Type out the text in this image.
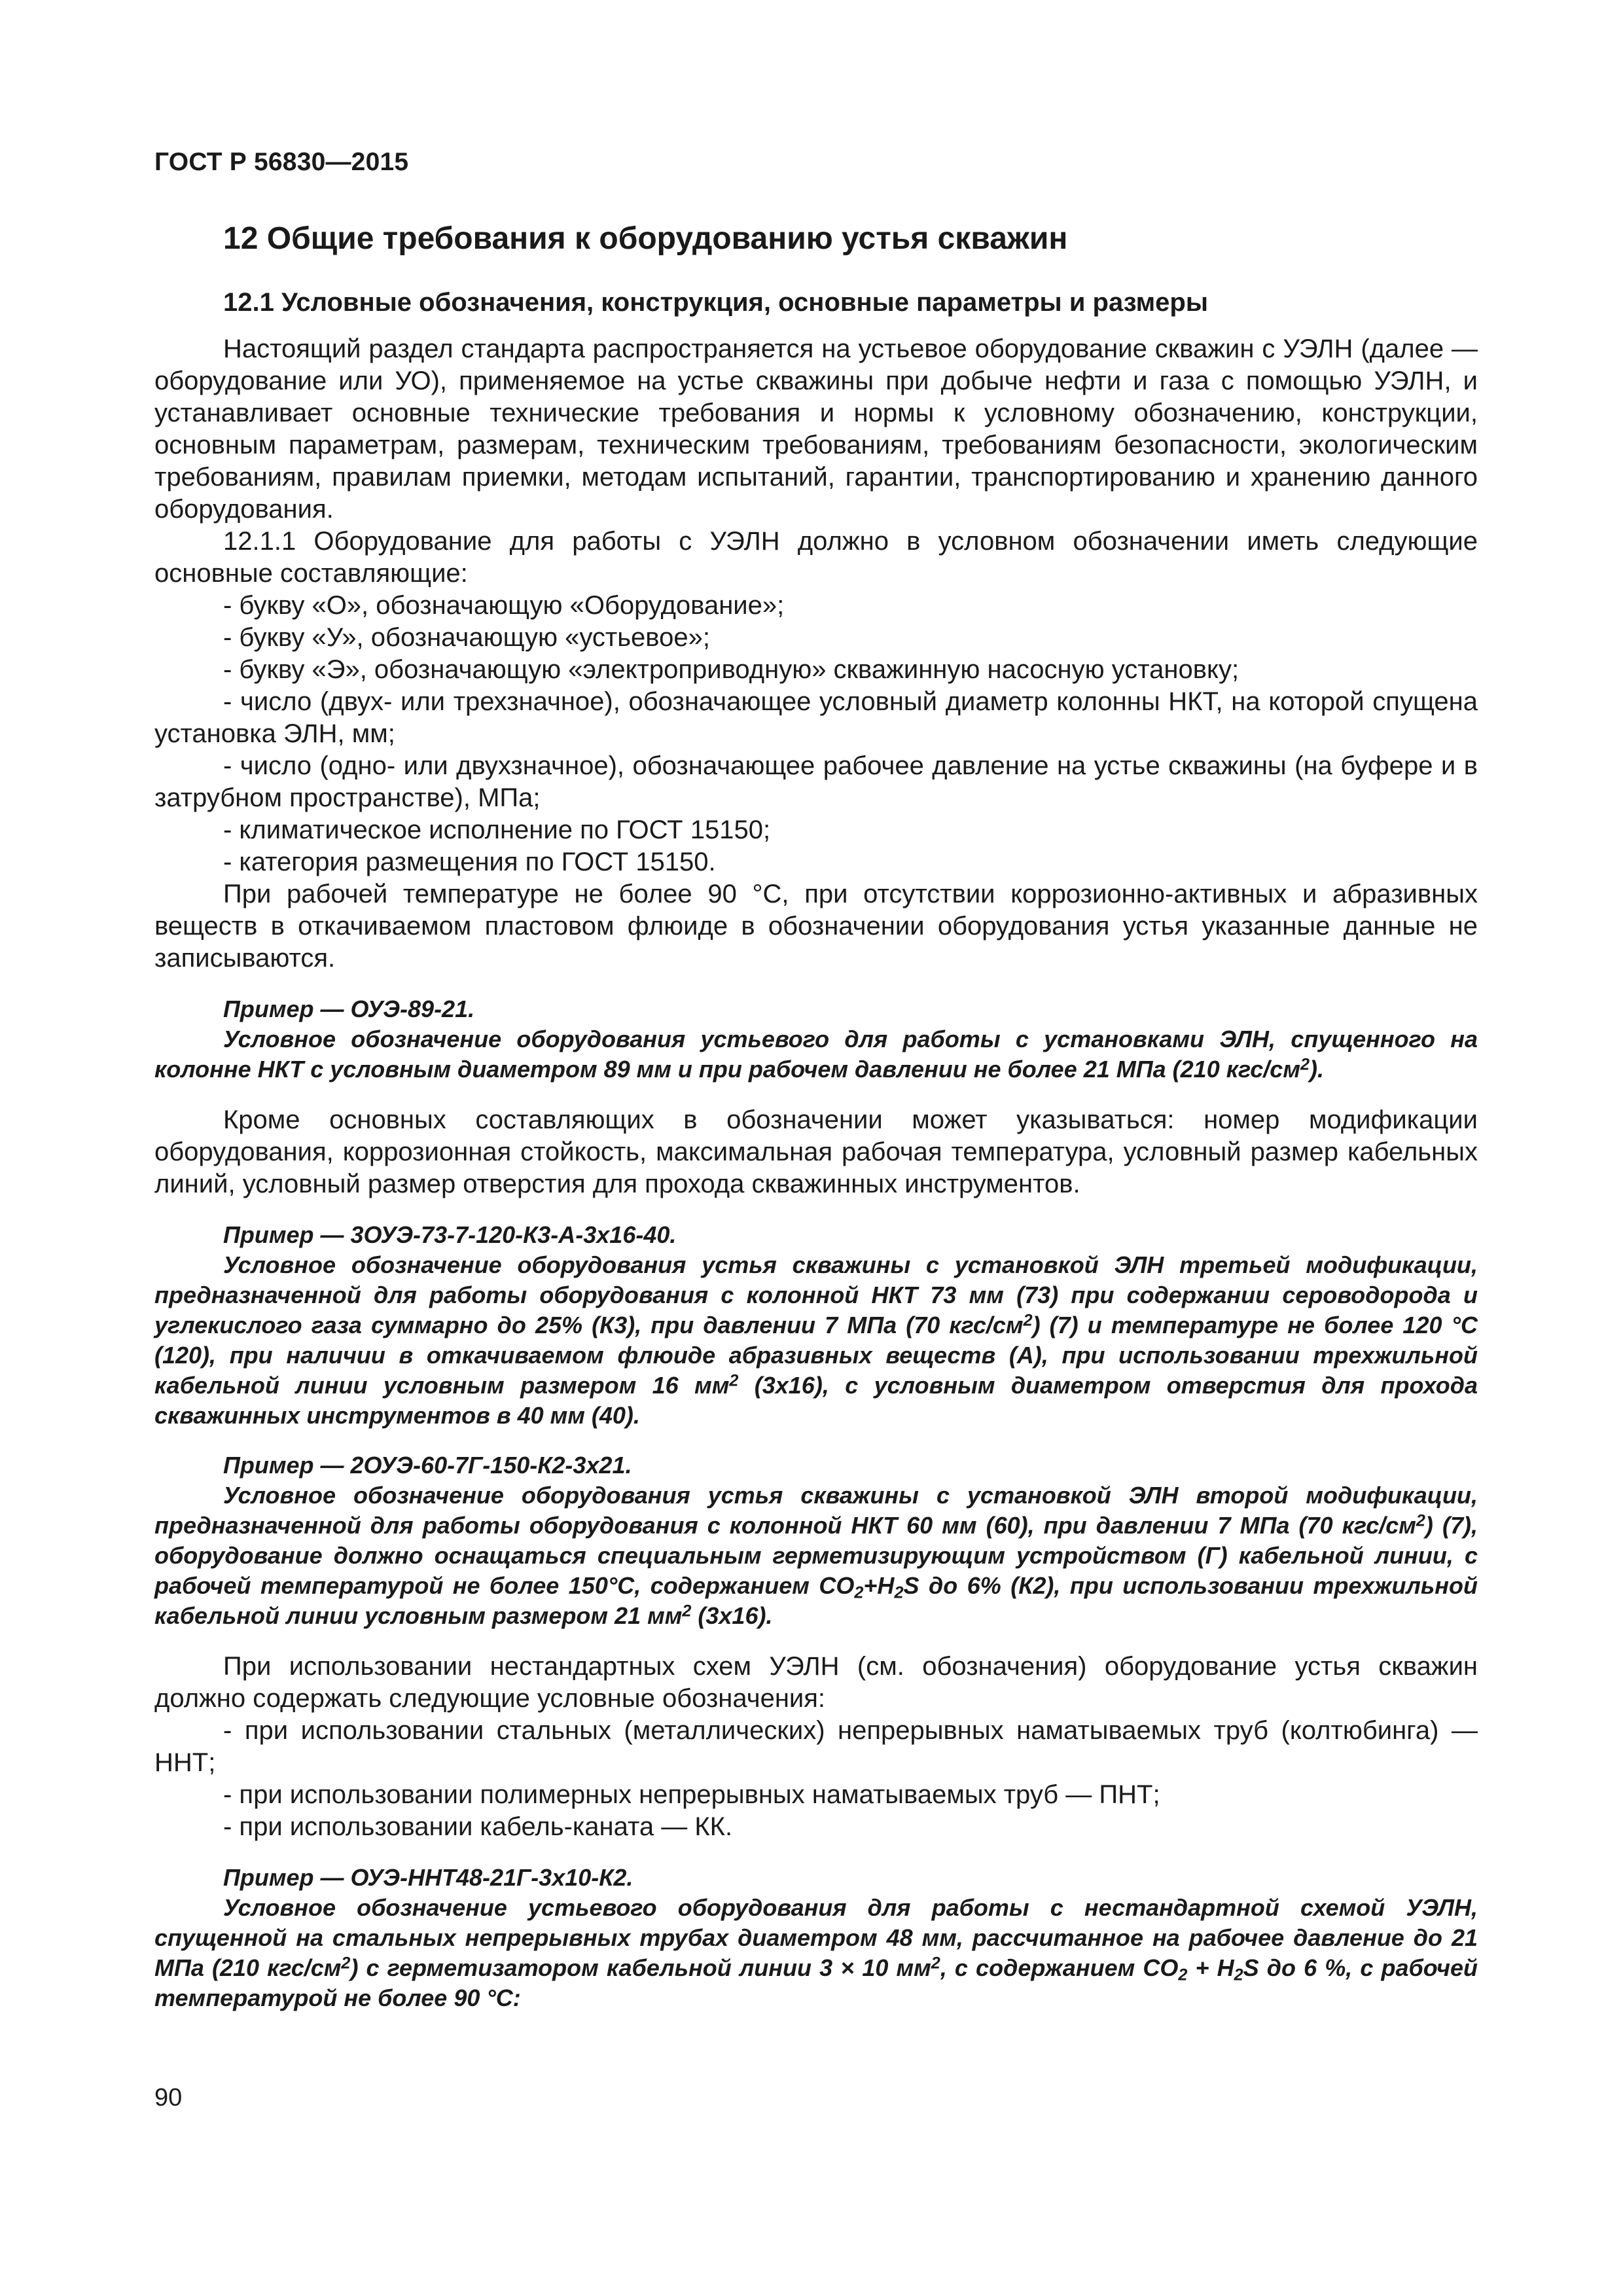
ГОСТ Р 56830—2015
12 Общие требования к оборудованию устья скважин
12.1 Условные обозначения, конструкция, основные параметры и размеры

Настоящий раздел стандарта распространяется на устьевое оборудование скважин с УЭЛН (далее — оборудование или УО), применяемое на устье скважины при добыче нефти и газа с помощью УЭЛН, и устанавливает основные технические требования и нормы к условному обозначению, конструкции, основным параметрам, размерам, техническим требованиям, требованиям безопасности, экологическим требованиям, правилам приемки, методам испытаний, гарантии, транспортированию и хранению данного оборудования.

12.1.1 Оборудование для работы с УЭЛН должно в условном обозначении иметь следующие основные составляющие:

- букву «О», обозначающую «Оборудование»;

- букву «У», обозначающую «устьевое»;

- букву «Э», обозначающую «электроприводную» скважинную насосную установку;

- число (двух- или трехзначное), обозначающее условный диаметр колонны НКТ, на которой спущена установка ЭЛН, мм;

- число (одно- или двухзначное), обозначающее рабочее давление на устье скважины (на буфере и в затрубном пространстве), МПа;

- климатическое исполнение по ГОСТ 15150;

- категория размещения по ГОСТ 15150.

При рабочей температуре не более 90 °С, при отсутствии коррозионно-активных и абразивных веществ в откачиваемом пластовом флюиде в обозначении оборудования устья указанные данные не записываются.

Пример — ОУЭ-89-21.

Условное обозначение оборудования устьевого для работы с установками ЭЛН, спущенного на колонне НКТ с условным диаметром 89 мм и при рабочем давлении не более 21 МПа (210 кгс/$см^2$).

Кроме основных составляющих в обозначении может указываться: номер модификации оборудования, коррозионная стойкость, максимальная рабочая температура, условный размер кабельных линий, условный размер отверстия для прохода скважинных инструментов.

Пример — 3ОУЭ-73-7-120-К3-А-3х16-40.

Условное обозначение оборудования устья скважины с установкой ЭЛН третьей модификации, предназначенной для работы оборудования с колонной НКТ 73 мм (73) при содержании сероводорода и углекислого газа суммарно до 25% (К3), при давлении 7 МПа (70 кгс/$см^2$) (7) и температуре не более 120 °С (120), при наличии в откачиваемом флюиде абразивных веществ (А), при использовании трехжильной кабельной линии условным размером 16 $мм^2$ (3х16), с условным диаметром отверстия для прохода скважинных инструментов в 40 мм (40).

Пример — 2ОУЭ-60-7Г-150-К2-3х21.

Условное обозначение оборудования устья скважины с установкой ЭЛН второй модификации, предназначенной для работы оборудования с колонной НКТ 60 мм (60), при давлении 7 МПа (70 кгс/$см^2$) (7), оборудование должно оснащаться специальным герметизирующим устройством (Г) кабельной линии, с рабочей температурой не более 150°С, содержанием $СО_2+H_2S$ до 6% (К2), при использовании трехжильной кабельной линии условным размером 21 $мм^2$ (3х16).

При использовании нестандартных схем УЭЛН (см. обозначения) оборудование устья скважин должно содержать следующие условные обозначения:

- при использовании стальных (металлических) непрерывных наматываемых труб (колтюбинга) — ННТ;

- при использовании полимерных непрерывных наматываемых труб — ПНТ;

- при использовании кабель-каната — КК.

Пример — ОУЭ-ННТ48-21Г-3х10-К2.

Условное обозначение устьевого оборудования для работы с нестандартной схемой УЭЛН, спущенной на стальных непрерывных трубах диаметром 48 мм, рассчитанное на рабочее давление до 21 МПа (210 кгс/$см^2$) с герметизатором кабельной линии 3 × 10 $мм^2$, с содержанием $СО_2 + H_2S$ до 6 %, с рабочей температурой не более 90 °С:

90
